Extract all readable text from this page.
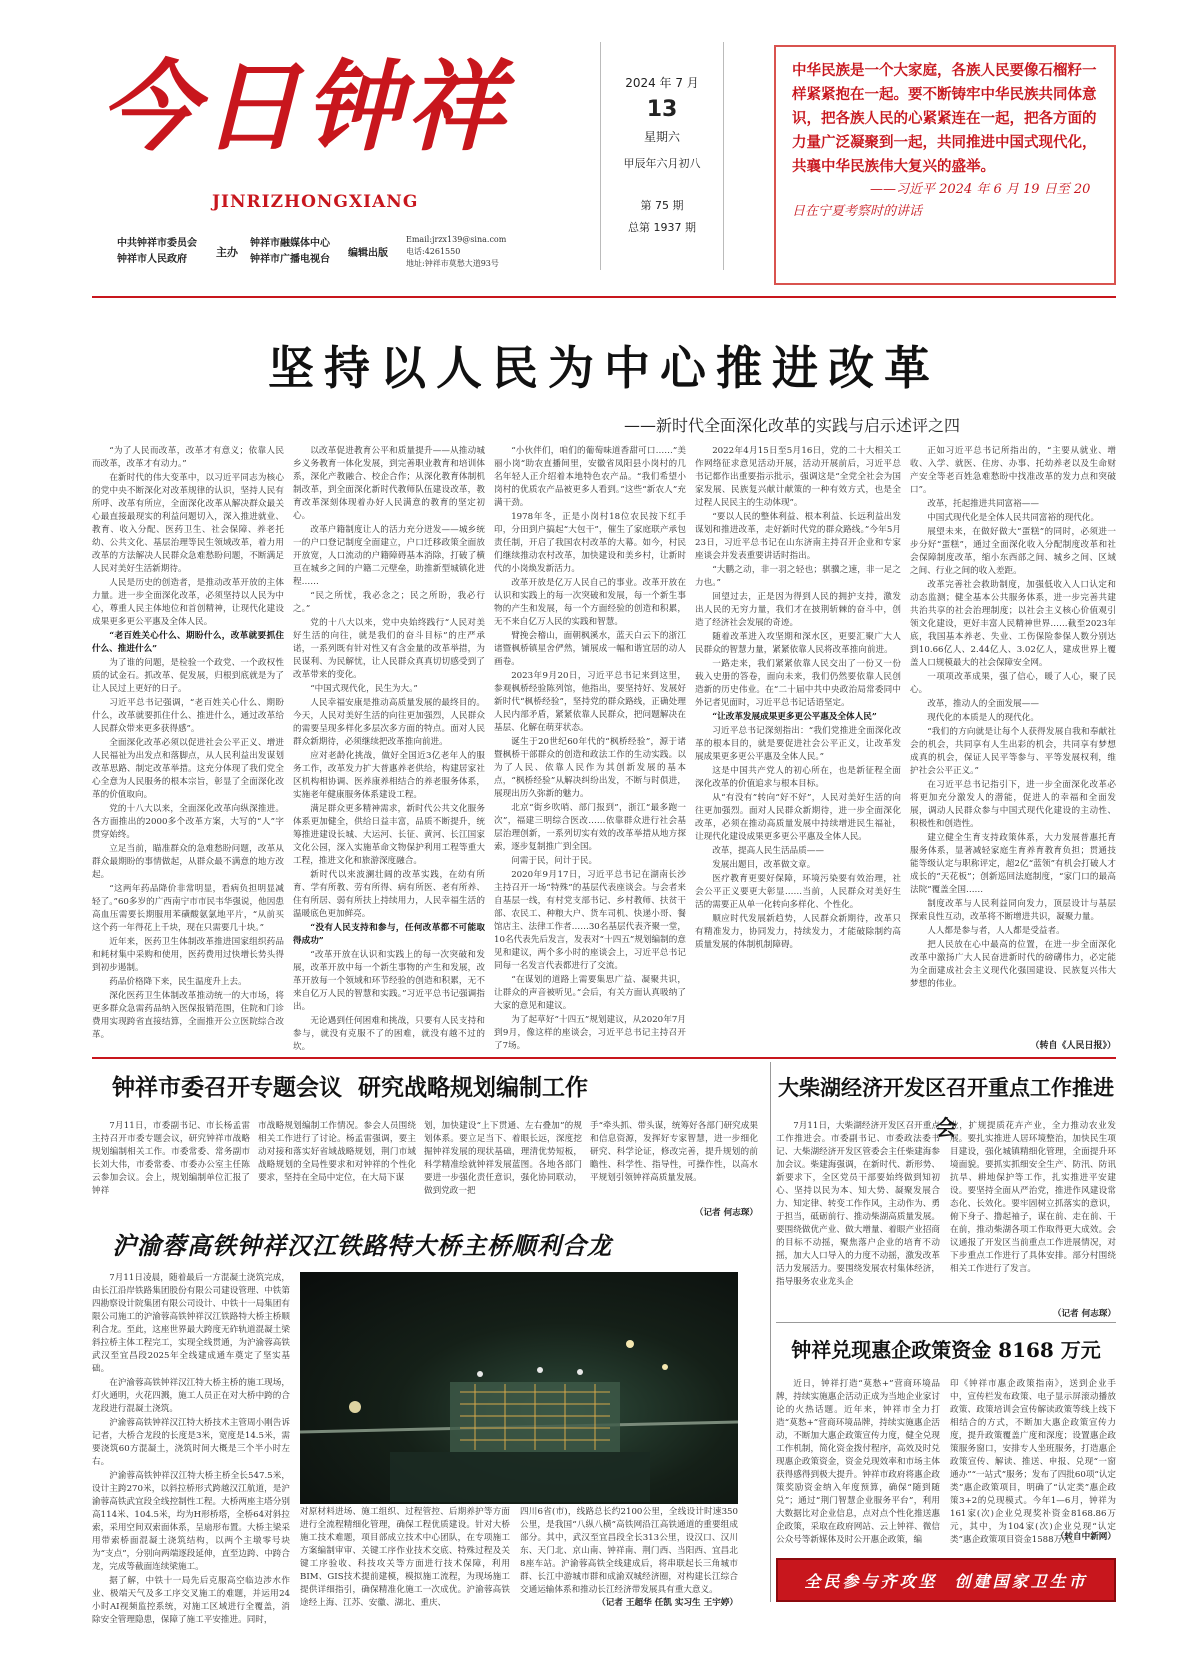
今日钟祥
JINRIZHONGXIANG
中共钟祥市委员会
钟祥市人民政府
主办
钟祥市融媒体中心
钟祥市广播电视台
编辑出版
Email:jrzx139@sina.com
电话:4261550
地址:钟祥市莫愁大道93号
2024 年 7 月
13
星期六
甲辰年六月初八
第 75 期
总第 1937 期
中华民族是一个大家庭，各族人民要像石榴籽一样紧紧抱在一起。要不断铸牢中华民族共同体意识，把各族人民的心紧紧连在一起，把各方面的力量广泛凝聚到一起，共同推进中国式现代化，共襄中华民族伟大复兴的盛举。
——习近平 2024 年 6 月 19 日至 20 日在宁夏考察时的讲话
坚持以人民为中心推进改革
——新时代全面深化改革的实践与启示述评之四

“为了人民而改革，改革才有意义；依靠人民而改革，改革才有动力。”

在新时代的伟大变革中，以习近平同志为核心的党中央不断深化对改革规律的认识，坚持人民有所呼、改革有所应，全面深化改革从解决群众最关心最直接最现实的利益问题切入，深入推进就业、教育、收入分配、医药卫生、社会保障、养老托幼、公共文化、基层治理等民生领域改革，着力用改革的方法解决人民群众急难愁盼问题，不断满足人民对美好生活新期待。

人民是历史的创造者，是推动改革开放的主体力量。进一步全面深化改革，必须坚持以人民为中心，尊重人民主体地位和首创精神，让现代化建设成果更多更公平惠及全体人民。

“老百姓关心什么、期盼什么，改革就要抓住什么、推进什么”

为了谁的问题，是检验一个政党、一个政权性质的试金石。抓改革、促发展，归根到底就是为了让人民过上更好的日子。

习近平总书记强调，“老百姓关心什么、期盼什么，改革就要抓住什么、推进什么，通过改革给人民群众带来更多获得感”。

全面深化改革必须以促进社会公平正义、增进人民福祉为出发点和落脚点，从人民利益出发谋划改革思路、制定改革举措。这充分体现了我们党全心全意为人民服务的根本宗旨，彰显了全面深化改革的价值取向。

党的十八大以来，全面深化改革向纵深推进。各方面推出的2000多个改革方案，大写的“人”字贯穿始终。

立足当前，瞄准群众的急难愁盼问题，改革从群众最期盼的事情做起，从群众最不满意的地方改起。

“这两年药品降价非常明显，看病负担明显减轻了。”60多岁的广西南宁市市民韦华强说，他因患高血压需要长期服用苯磺酸氨氯地平片，“从前买这个药一年得花上千块，现在只需要几十块。”

近年来，医药卫生体制改革推进国家组织药品和耗材集中采购和使用，医药费用过快增长势头得到初步遏制。

药品价格降下来，民生温度升上去。

深化医药卫生体制改革推动统一的大市场，将更多群众急需药品纳入医保报销范围，住院和门诊费用实现跨省直接结算，全面推开公立医院综合改革。

以改革促进教育公平和质量提升——从推动城乡义务教育一体化发展，到完善职业教育和培训体系，深化产教融合、校企合作；从深化教育体制机制改革，到全面深化新时代教师队伍建设改革，教育改革深刻体现着办好人民满意的教育的坚定初心。

改革户籍制度让人的活力充分迸发——城乡统一的户口登记制度全面建立，户口迁移政策全面放开放宽，人口流动的户籍障碍基本消除，打破了横亘在城乡之间的户籍二元壁垒，助推新型城镇化进程……

“民之所忧，我必念之；民之所盼，我必行之。”

党的十八大以来，党中央始终践行“人民对美好生活的向往，就是我们的奋斗目标”的庄严承诺，一系列既有针对性又有含金量的改革举措，为民谋利、为民解忧，让人民群众真真切切感受到了改革带来的变化。

“中国式现代化，民生为大。”

人民幸福安康是推动高质量发展的最终目的。今天，人民对美好生活的向往更加强烈，人民群众的需要呈现多样化多层次多方面的特点。面对人民群众新期待，必须继续把改革推向前进。

应对老龄化挑战，做好全国近3亿老年人的服务工作，改革发力扩大普惠养老供给，构建居家社区机构相协调、医养康养相结合的养老服务体系，实施老年健康服务体系建设工程。

满足群众更多精神需求，新时代公共文化服务体系更加健全，供给日益丰富，品质不断提升，统筹推进建设长城、大运河、长征、黄河、长江国家文化公园，深入实施革命文物保护利用工程等重大工程，推进文化和旅游深度融合。

新时代以来波澜壮阔的改革实践，在幼有所育、学有所教、劳有所得、病有所医、老有所养、住有所居、弱有所扶上持续用力，人民幸福生活的温暖底色更加鲜亮。

“没有人民支持和参与，任何改革都不可能取得成功”

“改革开放在认识和实践上的每一次突破和发展，改革开放中每一个新生事物的产生和发展，改革开放每一个领域和环节经验的创造和积累，无不来自亿万人民的智慧和实践。”习近平总书记强调指出。

无论遇到任何困难和挑战，只要有人民支持和参与，就没有克服不了的困难，就没有越不过的坎。

“小伙伴们，咱们的葡萄味道香甜可口……”美丽小岗“助农直播间里，安徽省凤阳县小岗村的几名年轻人正介绍着本地特色农产品。“我们希望小岗村的优质农产品被更多人看到。”这些“新农人”充满干劲。

1978年冬，正是小岗村18位农民按下红手印，分田到户搞起“大包干”，催生了家庭联产承包责任制，开启了我国农村改革的大幕。如今，村民们继续推动农村改革，加快建设和美乡村，让新时代的小岗焕发新活力。

改革开放是亿万人民自己的事业。改革开放在认识和实践上的每一次突破和发展，每一个新生事物的产生和发展，每一个方面经验的创造和积累，无不来自亿万人民的实践和智慧。

臂挽会稽山，面朝枫溪水，蓝天白云下的浙江诸暨枫桥镇星舍俨然，铺展成一幅和谐宜居的动人画卷。

2023年9月20日，习近平总书记来到这里，参观枫桥经验陈列馆，他指出，要坚持好、发展好新时代“枫桥经验”，坚持党的群众路线，正确处理人民内部矛盾，紧紧依靠人民群众，把问题解决在基层、化解在萌芽状态。

诞生于20世纪60年代的“枫桥经验”，源于诸暨枫桥干部群众的创造和政法工作的生动实践。以为了人民、依靠人民作为其创新发展的基本点，“枫桥经验”从解决纠纷出发，不断与时俱进，展现出历久弥新的魅力。

北京“街乡吹哨、部门报到”，浙江“最多跑一次”，福建三明综合医改……依靠群众进行社会基层治理创新，一系列切实有效的改革举措从地方探索，逐步复制推广到全国。

问需于民，问计于民。

2020年9月17日，习近平总书记在湖南长沙主持召开一场“特殊”的基层代表座谈会。与会者来自基层一线，有村党支部书记、乡村教师、扶贫干部、农民工、种粮大户、货车司机、快递小哥、餐馆店主、法律工作者……30名基层代表齐聚一堂，10名代表先后发言，发表对“十四五”规划编制的意见和建议，两个多小时的座谈会上，习近平总书记同每一名发言代表都进行了交流。

“在谋划的道路上需要集思广益、凝聚共识，让群众的声音被听见。”会后，有关方面认真吸纳了大家的意见和建议。

为了起草好“十四五”规划建议，从2020年7月到9月，像这样的座谈会，习近平总书记主持召开了7场。

2022年4月15日至5月16日，党的二十大相关工作网络征求意见活动开展，活动开展前后，习近平总书记都作出重要指示批示，强调这是“全党全社会为国家发展、民族复兴献计献策的一种有效方式，也是全过程人民民主的生动体现”。

“要以人民的整体利益、根本利益、长远利益出发谋划和推进改革，走好新时代党的群众路线。”今年5月23日，习近平总书记在山东济南主持召开企业和专家座谈会并发表重要讲话时指出。

“大鹏之动，非一羽之轻也；骐骥之速，非一足之力也。”

回望过去，正是因为得到人民的拥护支持，激发出人民的无穷力量，我们才在披荆斩棘的奋斗中，创造了经济社会发展的奇迹。

随着改革进入攻坚期和深水区，更要汇聚广大人民群众的智慧力量，紧紧依靠人民将改革推向前进。

一路走来，我们紧紧依靠人民交出了一份又一份载入史册的答卷，面向未来，我们仍然要依靠人民创造新的历史伟业。在“二十届中共中央政治局常委同中外记者见面时，习近平总书记话语坚定。

“让改革发展成果更多更公平惠及全体人民”

习近平总书记深刻指出：“我们党推进全面深化改革的根本目的，就是要促进社会公平正义，让改革发展成果更多更公平惠及全体人民。”

这是中国共产党人的初心所在，也是新征程全面深化改革的价值追求与根本目标。

从“有没有”转向“好不好”，人民对美好生活的向往更加强烈。面对人民群众新期待，进一步全面深化改革，必须在推动高质量发展中持续增进民生福祉，让现代化建设成果更多更公平惠及全体人民。

改革，提高人民生活品质——

发展出题目，改革做文章。

医疗教育更要好保障，环境污染要有效治理，社会公平正义要更大彰显……当前，人民群众对美好生活的需要正从单一化转向多样化、个性化。

顺应时代发展新趋势，人民群众新期待，改革只有精准发力，协同发力，持续发力，才能破除制约高质量发展的体制机制障碍。

正如习近平总书记所指出的，“主要从就业、增收、入学、就医、住房、办事、托幼养老以及生命财产安全等老百姓急难愁盼中找准改革的发力点和突破口”。

改革，托起推进共同富裕——

中国式现代化是全体人民共同富裕的现代化。

展望未来，在做好做大“蛋糕”的同时，必须进一步分好“蛋糕”，通过全面深化收入分配制度改革和社会保障制度改革，缩小东西部之间、城乡之间、区域之间、行业之间的收入差距。

改革完善社会救助制度，加强低收入人口认定和动态监测；健全基本公共服务体系，进一步完善共建共治共享的社会治理制度；以社会主义核心价值观引领文化建设，更好丰富人民精神世界……截至2023年底，我国基本养老、失业、工伤保险参保人数分别达到10.66亿人、2.44亿人、3.02亿人，建成世界上覆盖人口规模最大的社会保障安全网。

一项项改革成果，强了信心，暖了人心，聚了民心。

改革，推动人的全面发展——

现代化的本质是人的现代化。

“我们的方向就是让每个人获得发展自我和奉献社会的机会，共同享有人生出彩的机会，共同享有梦想成真的机会，保证人民平等参与、平等发展权利，维护社会公平正义。”

在习近平总书记指引下，进一步全面深化改革必将更加充分激发人的潜能，促进人的幸福和全面发展，调动人民群众参与中国式现代化建设的主动性、积极性和创造性。

建立健全生育支持政策体系，大力发展普惠托育服务体系，显著减轻家庭生育养育教育负担；贯通技能等级认定与职称评定，超2亿“蓝领”有机会打破人才成长的“天花板”；创新巡回法庭制度，“家门口的最高法院”覆盖全国……

制度改革与人民利益同向发力，顶层设计与基层探索良性互动，改革将不断增进共识，凝聚力量。

人人都是参与者，人人都是受益者。

把人民放在心中最高的位置，在进一步全面深化改革中激扬广大人民奋进新时代的磅礴伟力，必定能为全面建成社会主义现代化强国建设、民族复兴伟大梦想的伟业。

（转自《人民日报》）
钟祥市委召开专题会议  研究战略规划编制工作
7月11日，市委副书记、市长杨孟雷主持召开市委专题会议，研究钟祥市战略规划编制相关工作。市委常委、常务副市长刘大伟，市委常委、市委办公室主任陈云参加会议。会上，规划编制单位汇报了钟祥
市战略规划编制工作情况。参会人员围绕相关工作进行了讨论。杨孟雷强调，要主动对接和落实好省域战略规划，荆门市域战略规划的全局性要求和对钟祥的个性化要求，坚持在全局中定位，在大局下谋
划，加快建设“上下贯通、左右叠加”的规划体系。要立足当下、着眼长远，深度挖掘钟祥发展的现状基础，理清优势短板，科学精准绘就钟祥发展蓝图。各地各部门要进一步强化责任意识，强化协同联动，做到党政一把
手“牵头抓、带头谋，统筹好各部门研究成果和信息资源，发挥好专家智慧，进一步细化研究、科学论证，修改完善，提升规划的前瞻性、科学性、指导性，可操作性，以高水平规划引领钟祥高质量发展。
（记者 何志琛）
沪渝蓉高铁钟祥汉江铁路特大桥主桥顺利合龙

7月11日凌晨，随着最后一方混凝土浇筑完成，由长江沿岸铁路集团股份有限公司建设管理、中铁第四勘察设计院集团有限公司设计、中铁十一局集团有限公司施工的沪渝蓉高铁钟祥汉江铁路特大桥主桥顺利合龙。至此，这座世界最大跨度无砟轨道混凝土梁斜拉桥主体工程完工，实现全线贯通，为沪渝蓉高铁武汉至宜昌段2025年全线建成通车奠定了坚实基础。

在沪渝蓉高铁钟祥汉江特大桥主桥的施工现场，灯火通明，火花四溅，施工人员正在对大桥中跨的合龙段进行混凝土浇筑。

沪渝蓉高铁钟祥汉江特大桥技术主管周小刚告诉记者，大桥合龙段的长度是3米，宽度是14.5米，需要浇筑60方混凝土，浇筑时间大概是三个半小时左右。

沪渝蓉高铁钟祥汉江特大桥主桥全长547.5米，设计主跨270米，以斜拉桥形式跨越汉江航道，是沪渝蓉高铁武宜段全线控制性工程。大桥两座主塔分别高114米、104.5米，均为H形桥塔，全桥64对斜拉索，采用空间双索面体系，呈扇形布置。大桥主梁采用带索桥面混凝土浇筑结构，以两个主墩零号块为“支点”，分别向两端逐段延伸，直至边跨、中跨合龙，完成等截面连续梁施工。

据了解，中铁十一局先后克服高空临边涉水作业、极端天气及多工序交叉施工的难题，并运用24小时AI视频监控系统，对施工区域进行全覆盖，消除安全管理隐患，保障了施工平安推进。同时，

对原材料进场、施工组织、过程管控、后期养护等方面进行全流程精细化管理，确保工程优质建设。针对大桥施工技术难题，项目部成立技术中心团队，在专项施工方案编制审审、关键工序作业技术交底、特殊过程及关键工序验收、科技攻关等方面进行技术保障，利用BIM、GIS技术提前建模，模拟施工流程，为现场施工提供详细指引，确保精准化施工一次成优。沪渝蓉高铁途经上海、江苏、安徽、湖北、重庆、
四川6省(市)，线路总长约2100公里，全线设计时速350公里，是我国“八纵八横”高铁网沿江高铁通道的重要组成部分。其中，武汉至宜昌段全长313公里，设汉口、汉川东、天门北、京山南、钟祥南、荆门西、当阳西、宜昌北8座车站。沪渝蓉高铁全线建成后，将串联起长三角城市群、长江中游城市群和成渝双城经济圈，对构建长江综合交通运输体系和推动长江经济带发展具有重大意义。
（记者 王超华 任凯 实习生 王宇婷）
大柴湖经济开发区召开重点工作推进会
7月11日，大柴湖经济开发区召开重点工作推进会。市委副书记、市委政法委书记、大柴湖经济开发区管委会主任柴建海参加会议。柴建海强调，在新时代、新形势、新要求下，全区党员干部要始终做到知初心、坚持以民为本、知大势、凝聚发展合力、知定律、转变工作作风，主动作为、勇于担当，砥砺前行、推动柴湖高质量发展。要围绕做优产业、做大增量、着眼产业招商的目标不动摇，聚焦落户企业的培育不动摇，加大人口导入的力度不动摇，激发改革活力发展活力。要围绕发展农村集体经济，指导服务农业龙头企
业，扩规提质花卉产业，全力推动农业发展。要扎实推进人居环境整治，加快民生项目建设，强化城镇精细化管理，全面提升环境面貌。要抓实抓细安全生产、防汛、防讯抗旱、耕地保护等工作，扎实推进平安建设。要坚持全面从严治党，推进作风建设常态化、长效化。要牢固树立抓落实的意识，俯下身子、撸起袖子，谋在前、走在前、干在前，推动柴湖各项工作取得更大成效。会议通报了开发区当前重点工作进展情况，对下步重点工作进行了具体安排。部分村围绕相关工作进行了发言。
（记者 何志琛）
钟祥兑现惠企政策资金 8168 万元
近日，钟祥打造“莫愁+”营商环境品牌，持续实施惠企活动正成为当地企业家讨论的火热话题。近年来，钟祥市全力打造“莫愁+”营商环境品牌，持续实施惠企活动，不断加大惠企政策宣传力度，健全兑现工作机制，简化资金拨付程序，高效及时兑现惠企政策资金，资金兑现效率和市场主体获得感得到极大提升。钟祥市政府将惠企政策奖励资金纳入年度预算，确保“随到随兑”；通过“荆门智慧企业服务平台”，利用大数据比对企业信息，点对点个性化推送惠企政策，采取在政府网站、云上钟祥、微信公众号等新媒体及时公开惠企政策，编
印《钟祥市惠企政策指南》，送到企业手中，宣传栏发布政策、电子显示屏滚动播放政策、政策培训会宣传解读政策等线上线下相结合的方式，不断加大惠企政策宣传力度，提升政策覆盖广度和深度；设置惠企政策服务窗口，安排专人坐班服务，打造惠企政策宣传、解读、推送、申报、兑现“一窗通办”“一站式”服务；发布了四批60项“认定类”惠企政策项目，明确了“认定类”惠企政策3+2的兑现模式。今年1—6月，钟祥为161家(次)企业兑现奖补资金8168.86万元，其中，为104家(次)企业兑现“认定类”惠企政策项目资金1588万元。
（转自中新网）
全民参与齐攻坚  创建国家卫生市
